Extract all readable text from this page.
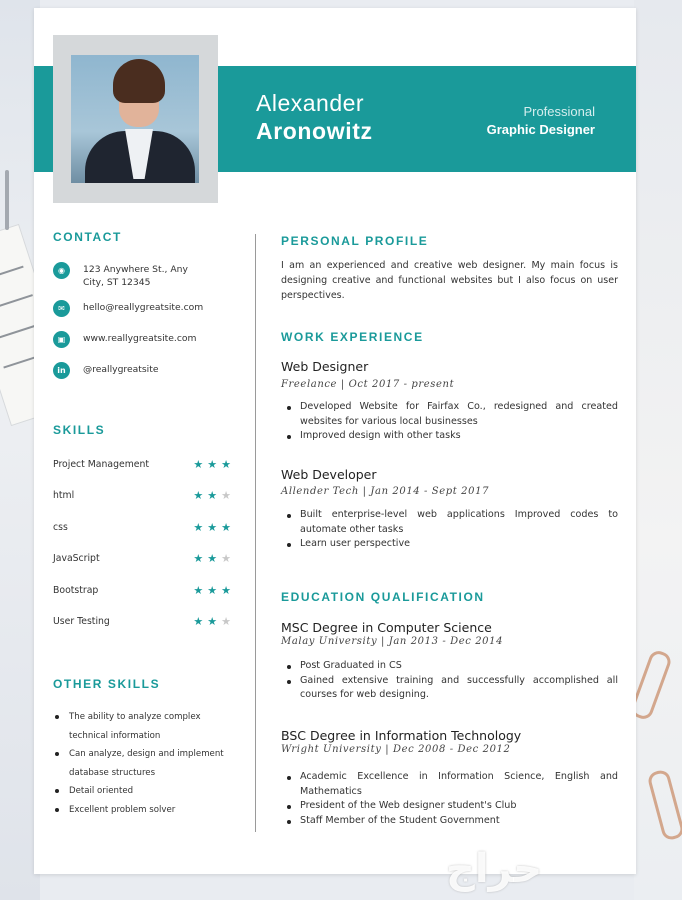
Alexander
Aronowitz
Professional
Graphic Designer
CONTACT
◉	123 Anywhere St., Any
City, ST 12345
✉	hello@reallygreatsite.com
▣	www.reallygreatsite.com
in	@reallygreatsite
SKILLS
Project Management	★ ★ ★
html	★ ★ ★
css	★ ★ ★
JavaScript	★ ★ ★
Bootstrap	★ ★ ★
User Testing	★ ★ ★
OTHER SKILLS
The ability to analyze complex
technical information
Can analyze, design and implement
database structures
Detail oriented
Excellent problem solver
PERSONAL PROFILE
I am an experienced and creative web designer. My main focus is designing creative and functional websites but I also focus on user perspectives.
WORK EXPERIENCE
Web Designer
Freelance | Oct 2017 - present
Developed Website for Fairfax Co., redesigned and created websites for various local businesses
Improved design with other tasks
Web Developer
Allender Tech | Jan 2014 - Sept 2017
Built enterprise-level web applications Improved codes to automate other tasks
Learn user perspective
EDUCATION QUALIFICATION
MSC Degree in Computer Science
Malay University | Jan 2013 - Dec 2014
Post Graduated in CS
Gained extensive training and successfully accomplished all courses for web designing.
BSC Degree in Information Technology
Wright University | Dec 2008 - Dec 2012
Academic Excellence in Information Science, English and Mathematics
President of the Web designer student's Club
Staff Member of the Student Government
حراج
